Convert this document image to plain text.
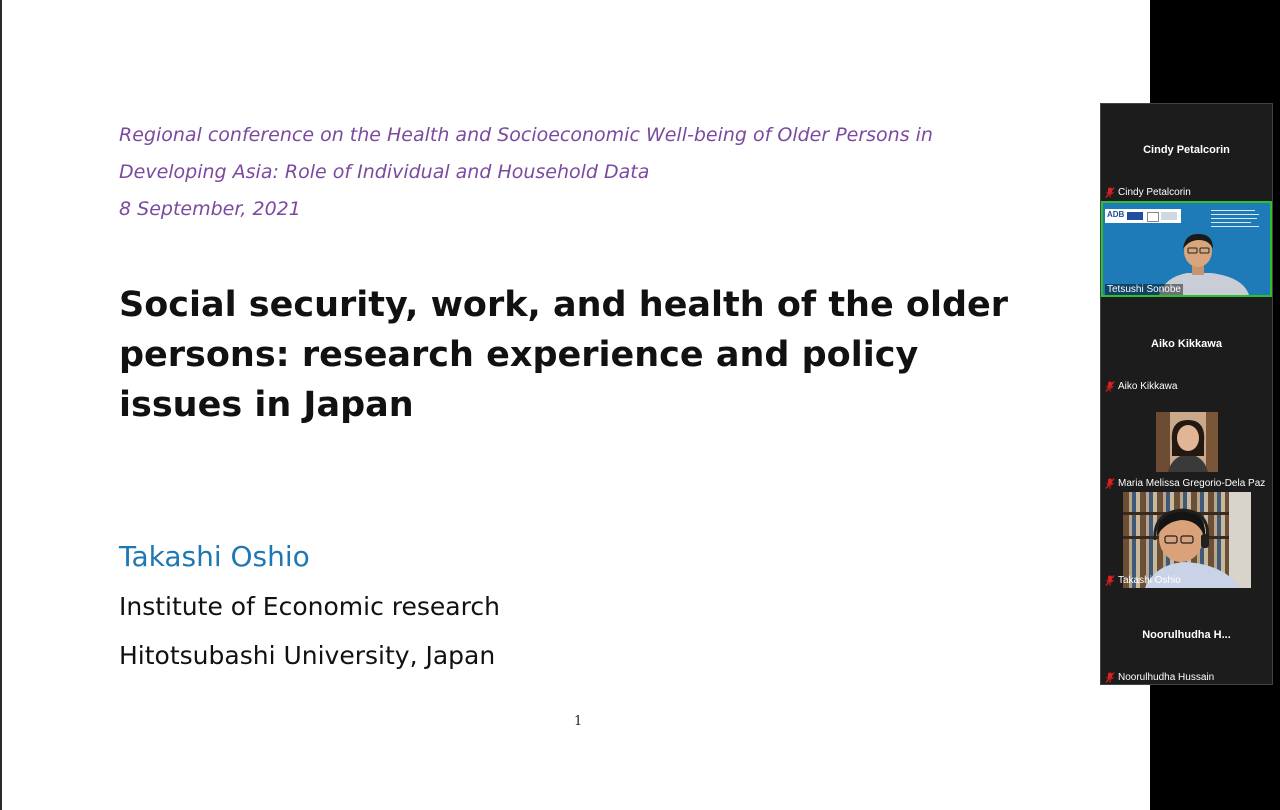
Regional conference on the Health and Socioeconomic Well-being of Older Persons in
Developing Asia: Role of Individual and Household Data
8 September, 2021
Social security, work, and health of the older
persons: research experience and policy
issues in Japan
Takashi Oshio
Institute of Economic research
Hitotsubashi University, Japan
1
Cindy Petalcorin
Cindy Petalcorin
ADB
Tetsushi Sonobe
Aiko Kikkawa
Aiko Kikkawa
Maria Melissa Gregorio-Dela Paz
Takashi Oshio
Noorulhudha H...
Noorulhudha Hussain
